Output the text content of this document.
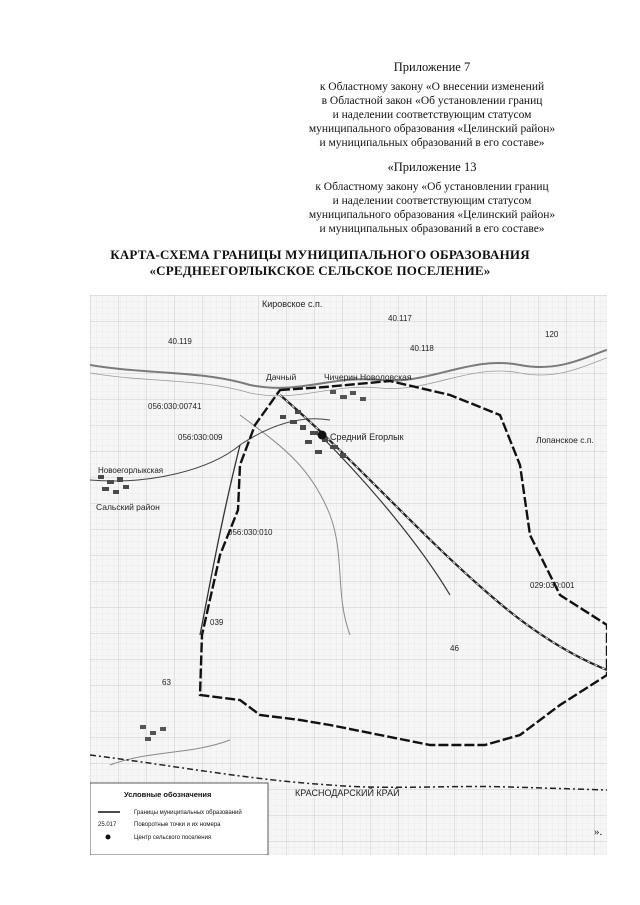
Приложение 7
к Областному закону «О внесении изменений
в Областной закон «Об установлении границ
и наделении соответствующим статусом
муниципального образования «Целинский район»
и муниципальных образований в его составе»
«Приложение 13
к Областному закону «Об установлении границ
и наделении соответствующим статусом
муниципального образования «Целинский район»
и муниципальных образований в его составе»
КАРТА-СХЕМА ГРАНИЦЫ МУНИЦИПАЛЬНОГО ОБРАЗОВАНИЯ
«СРЕДНЕЕГОРЛЫКСКОЕ СЕЛЬСКОЕ ПОСЕЛЕНИЕ»
Кировское с.п.
40.117
120
40.119
40.118
Дачный	Чичерин Новоловская
056:030:00741
056:030:009	Средний Егорлык	Лопанское с.п.
Новоегорлыкская
Сальский район
056:030:010
029:030:001
039
46
63
КРАСНОДАРСКИЙ КРАЙ
Условные обозначения
Границы муниципальных образований
25.017	Поворотные точки и их номера
Центр сельского поселения	».
